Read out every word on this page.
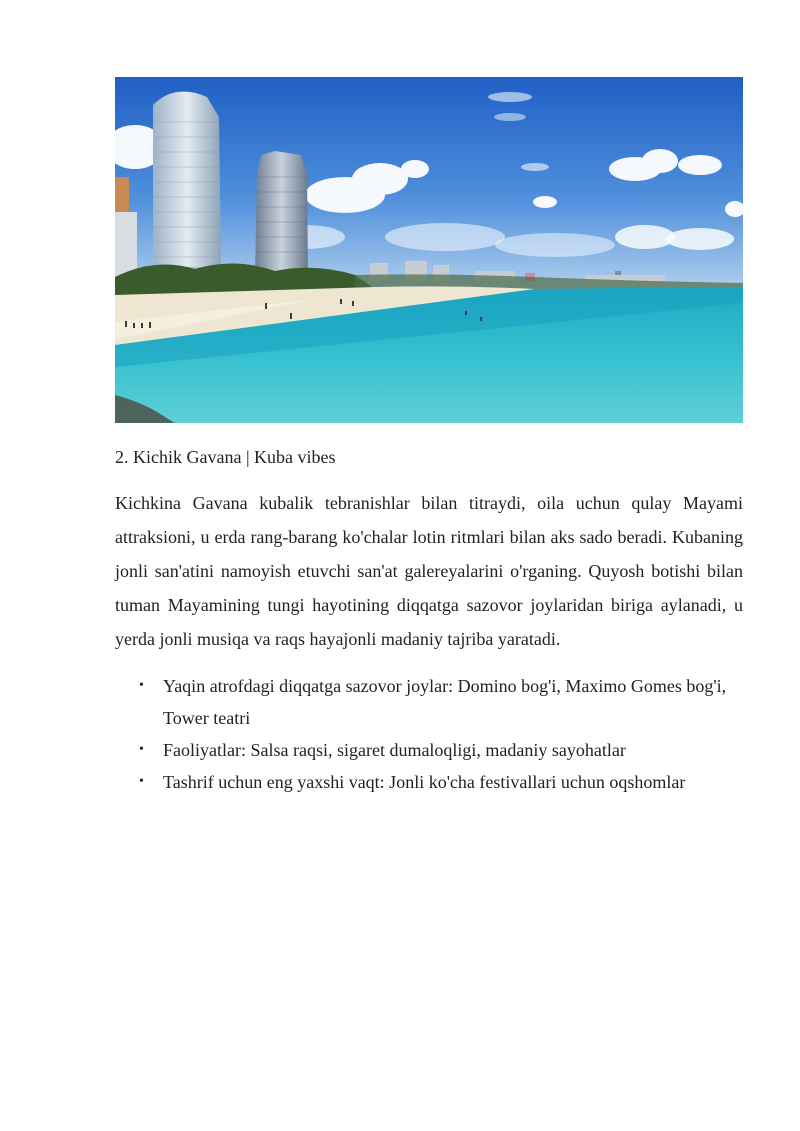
2. Kichik Gavana | Kuba vibes

Kichkina Gavana kubalik tebranishlar bilan titraydi, oila uchun qulay Mayami attraksioni, u erda rang-barang ko'chalar lotin ritmlari bilan aks sado beradi. Kubaning jonli san'atini namoyish etuvchi san'at galereyalarini o'rganing. Quyosh botishi bilan tuman Mayamining tungi hayotining diqqatga sazovor joylaridan biriga aylanadi, u yerda jonli musiqa va raqs hayajonli madaniy tajriba yaratadi.

• Yaqin atrofdagi diqqatga sazovor joylar: Domino bog'i, Maximo Gomes bog'i, Tower teatri
• Faoliyatlar: Salsa raqsi, sigaret dumaloqligi, madaniy sayohatlar
• Tashrif uchun eng yaxshi vaqt: Jonli ko'cha festivallari uchun oqshomlar
